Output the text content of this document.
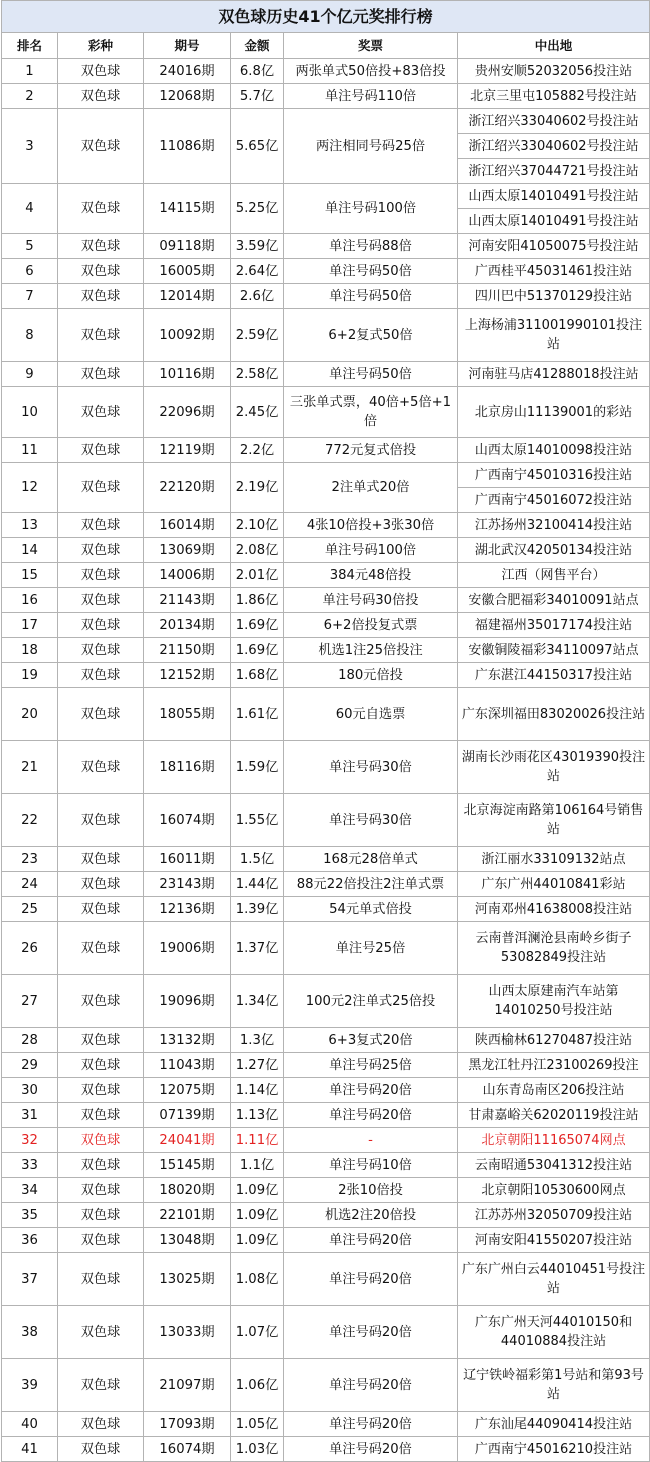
双色球历史41个亿元奖排行榜					
排名	彩种	期号	金额	奖票	中出地
1	双色球	24016期	6.8亿	两张单式50倍投+83倍投	贵州安顺52032056投注站
2	双色球	12068期	5.7亿	单注号码110倍	北京三里屯105882号投注站
3	双色球	11086期	5.65亿	两注相同号码25倍	浙江绍兴33040602号投注站
					浙江绍兴33040602号投注站
					浙江绍兴37044721号投注站
4	双色球	14115期	5.25亿	单注号码100倍	山西太原14010491号投注站
					山西太原14010491号投注站
5	双色球	09118期	3.59亿	单注号码88倍	河南安阳41050075号投注站
6	双色球	16005期	2.64亿	单注号码50倍	广西桂平45031461投注站
7	双色球	12014期	2.6亿	单注号码50倍	四川巴中51370129投注站
8	双色球	10092期	2.59亿	6+2复式50倍	上海杨浦311001990101投注站
9	双色球	10116期	2.58亿	单注号码50倍	河南驻马店41288018投注站
10	双色球	22096期	2.45亿	三张单式票，40倍+5倍+1倍	北京房山11139001的彩站
11	双色球	12119期	2.2亿	772元复式倍投	山西太原14010098投注站
12	双色球	22120期	2.19亿	2注单式20倍	广西南宁45010316投注站
					广西南宁45016072投注站
13	双色球	16014期	2.10亿	4张10倍投+3张30倍	江苏扬州32100414投注站
14	双色球	13069期	2.08亿	单注号码100倍	湖北武汉42050134投注站
15	双色球	14006期	2.01亿	384元48倍投	江西（网售平台）
16	双色球	21143期	1.86亿	单注号码30倍投	安徽合肥福彩34010091站点
17	双色球	20134期	1.69亿	6+2倍投复式票	福建福州35017174投注站
18	双色球	21150期	1.69亿	机选1注25倍投注	安徽铜陵福彩34110097站点
19	双色球	12152期	1.68亿	180元倍投	广东湛江44150317投注站
20	双色球	18055期	1.61亿	60元自选票	广东深圳福田83020026投注站
21	双色球	18116期	1.59亿	单注号码30倍	湖南长沙雨花区43019390投注站
22	双色球	16074期	1.55亿	单注号码30倍	北京海淀南路第106164号销售站
23	双色球	16011期	1.5亿	168元28倍单式	浙江丽水33109132站点
24	双色球	23143期	1.44亿	88元22倍投注2注单式票	广东广州44010841彩站
25	双色球	12136期	1.39亿	54元单式倍投	河南邓州41638008投注站
26	双色球	19006期	1.37亿	单注号25倍	云南普洱澜沧县南岭乡街子53082849投注站
27	双色球	19096期	1.34亿	100元2注单式25倍投	山西太原建南汽车站第14010250号投注站
28	双色球	13132期	1.3亿	6+3复式20倍	陕西榆林61270487投注站
29	双色球	11043期	1.27亿	单注号码25倍	黑龙江牡丹江23100269投注
30	双色球	12075期	1.14亿	单注号码20倍	山东青岛南区206投注站
31	双色球	07139期	1.13亿	单注号码20倍	甘肃嘉峪关62020119投注站
32	双色球	24041期	1.11亿	-	北京朝阳11165074网点
33	双色球	15145期	1.1亿	单注号码10倍	云南昭通53041312投注站
34	双色球	18020期	1.09亿	2张10倍投	北京朝阳10530600网点
35	双色球	22101期	1.09亿	机选2注20倍投	江苏苏州32050709投注站
36	双色球	13048期	1.09亿	单注号码20倍	河南安阳41550207投注站
37	双色球	13025期	1.08亿	单注号码20倍	广东广州白云44010451号投注站
38	双色球	13033期	1.07亿	单注号码20倍	广东广州天河44010150和44010884投注站
39	双色球	21097期	1.06亿	单注号码20倍	辽宁铁岭福彩第1号站和第93号站
40	双色球	17093期	1.05亿	单注号码20倍	广东汕尾44090414投注站
41	双色球	16074期	1.03亿	单注号码20倍	广西南宁45016210投注站
